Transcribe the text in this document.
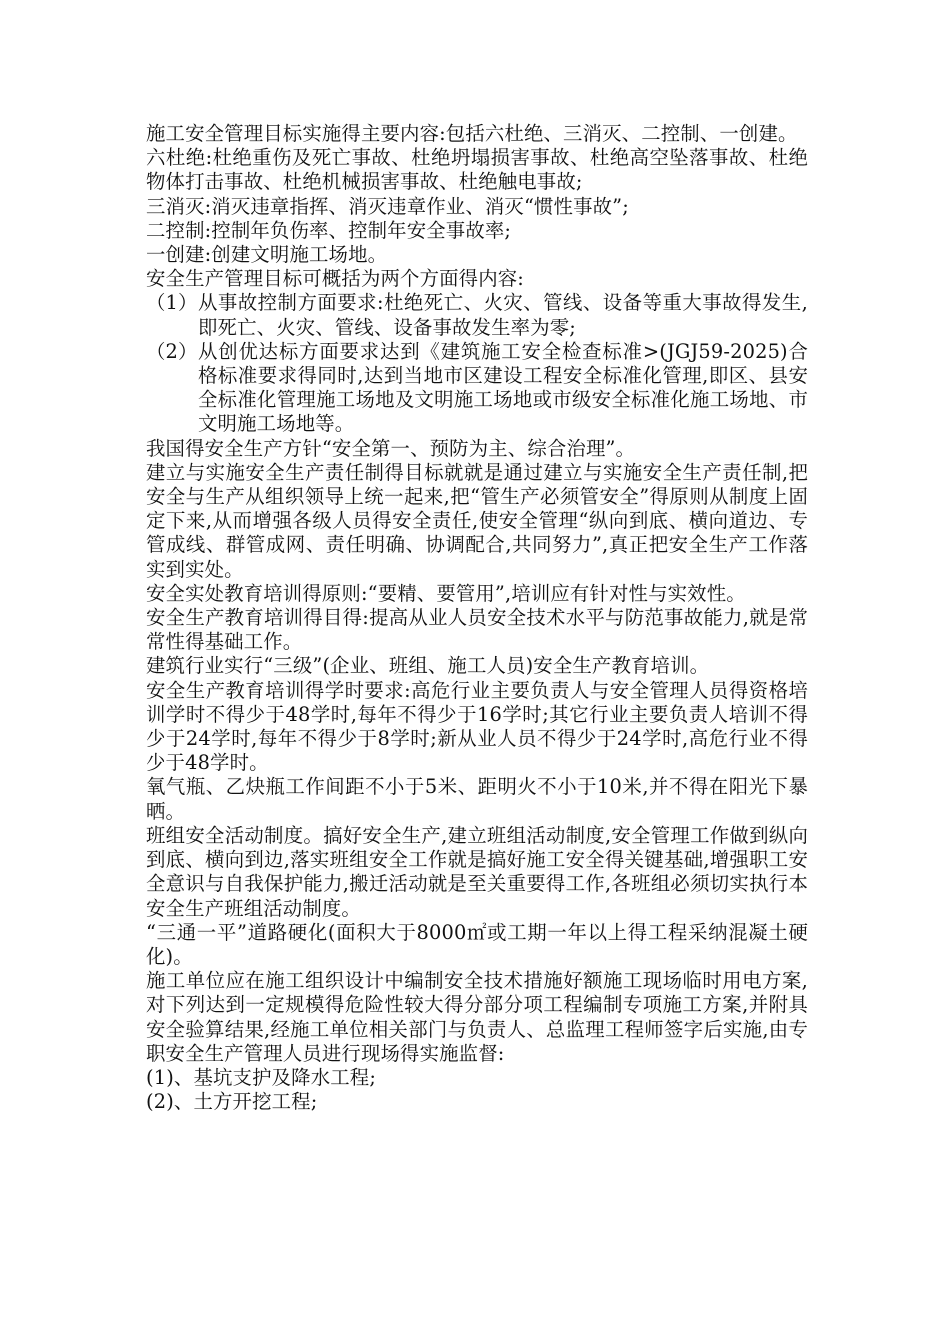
施工安全管理目标实施得主要内容:包括六杜绝、三消灭、二控制、一创建。

六杜绝:杜绝重伤及死亡事故、杜绝坍塌损害事故、杜绝高空坠落事故、杜绝物体打击事故、杜绝机械损害事故、杜绝触电事故;

三消灭:消灭违章指挥、消灭违章作业、消灭“惯性事故”;

二控制:控制年负伤率、控制年安全事故率;

一创建:创建文明施工场地。

安全生产管理目标可概括为两个方面得内容:

（1） 从事故控制方面要求:杜绝死亡、火灾、管线、设备等重大事故得发生,即死亡、火灾、管线、设备事故发生率为零;
（2） 从创优达标方面要求达到《建筑施工安全检查标准>(JGJ59-2025)合格标准要求得同时,达到当地市区建设工程安全标准化管理,即区、县安全标准化管理施工场地及文明施工场地或市级安全标准化施工场地、市文明施工场地等。

我国得安全生产方针“安全第一、预防为主、综合治理”。

建立与实施安全生产责任制得目标就就是通过建立与实施安全生产责任制,把安全与生产从组织领导上统一起来,把“管生产必须管安全”得原则从制度上固定下来,从而增强各级人员得安全责任,使安全管理“纵向到底、横向道边、专管成线、群管成网、责任明确、协调配合,共同努力”,真正把安全生产工作落实到实处。

安全实处教育培训得原则:“要精、要管用”,培训应有针对性与实效性。

安全生产教育培训得目得:提高从业人员安全技术水平与防范事故能力,就是常常性得基础工作。

建筑行业实行“三级”(企业、班组、施工人员)安全生产教育培训。

安全生产教育培训得学时要求:高危行业主要负责人与安全管理人员得资格培训学时不得少于48学时,每年不得少于16学时;其它行业主要负责人培训不得少于24学时,每年不得少于8学时;新从业人员不得少于24学时,高危行业不得少于48学时。

氧气瓶、乙炔瓶工作间距不小于5米、距明火不小于10米,并不得在阳光下暴晒。

班组安全活动制度。搞好安全生产,建立班组活动制度,安全管理工作做到纵向到底、横向到边,落实班组安全工作就是搞好施工安全得关键基础,增强职工安全意识与自我保护能力,搬迁活动就是至关重要得工作,各班组必须切实执行本安全生产班组活动制度。

“三通一平”道路硬化(面积大于8000㎡或工期一年以上得工程采纳混凝土硬化)。

施工单位应在施工组织设计中编制安全技术措施好额施工现场临时用电方案,对下列达到一定规模得危险性较大得分部分项工程编制专项施工方案,并附具安全验算结果,经施工单位相关部门与负责人、总监理工程师签字后实施,由专职安全生产管理人员进行现场得实施监督:

(1)、基坑支护及降水工程;

(2)、土方开挖工程;
